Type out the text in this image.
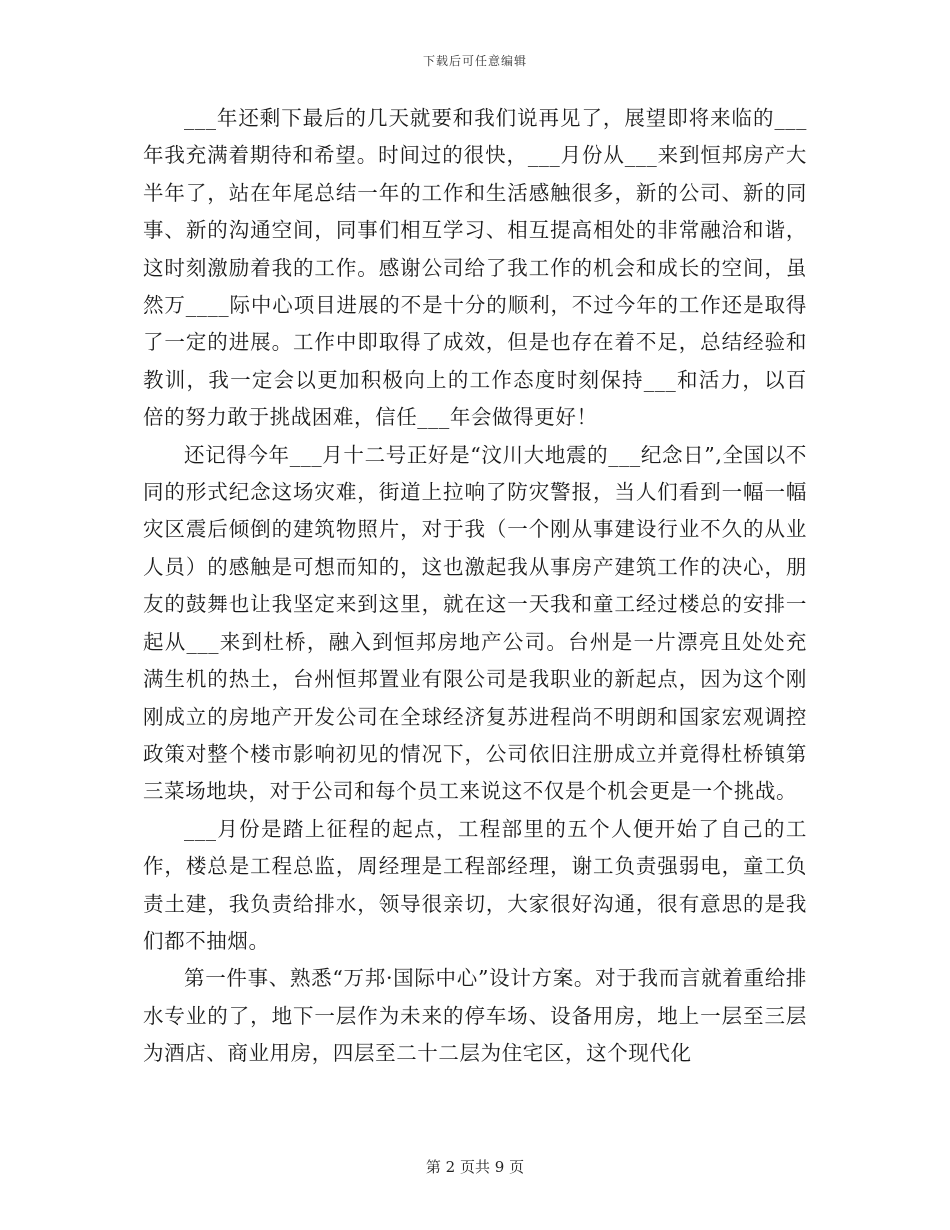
下载后可任意编辑

___年还剩下最后的几天就要和我们说再见了，展望即将来临的___年我充满着期待和希望。时间过的很快，___月份从___来到恒邦房产大半年了，站在年尾总结一年的工作和生活感触很多，新的公司、新的同事、新的沟通空间，同事们相互学习、相互提高相处的非常融洽和谐，这时刻激励着我的工作。感谢公司给了我工作的机会和成长的空间，虽然万____际中心项目进展的不是十分的顺利，不过今年的工作还是取得了一定的进展。工作中即取得了成效，但是也存在着不足，总结经验和教训，我一定会以更加积极向上的工作态度时刻保持___和活力，以百倍的努力敢于挑战困难，信任___年会做得更好！

还记得今年___月十二号正好是“汶川大地震的___纪念日”,全国以不同的形式纪念这场灾难，街道上拉响了防灾警报，当人们看到一幅一幅灾区震后倾倒的建筑物照片，对于我（一个刚从事建设行业不久的从业人员）的感触是可想而知的，这也激起我从事房产建筑工作的决心，朋友的鼓舞也让我坚定来到这里，就在这一天我和童工经过楼总的安排一起从___来到杜桥，融入到恒邦房地产公司。台州是一片漂亮且处处充满生机的热土，台州恒邦置业有限公司是我职业的新起点，因为这个刚刚成立的房地产开发公司在全球经济复苏进程尚不明朗和国家宏观调控政策对整个楼市影响初见的情况下，公司依旧注册成立并竟得杜桥镇第三菜场地块，对于公司和每个员工来说这不仅是个机会更是一个挑战。

___月份是踏上征程的起点，工程部里的五个人便开始了自己的工作，楼总是工程总监，周经理是工程部经理，谢工负责强弱电，童工负责土建，我负责给排水，领导很亲切，大家很好沟通，很有意思的是我们都不抽烟。

第一件事、熟悉“万邦·国际中心”设计方案。对于我而言就着重给排水专业的了，地下一层作为未来的停车场、设备用房，地上一层至三层为酒店、商业用房，四层至二十二层为住宅区，这个现代化

第 2 页共 9 页
